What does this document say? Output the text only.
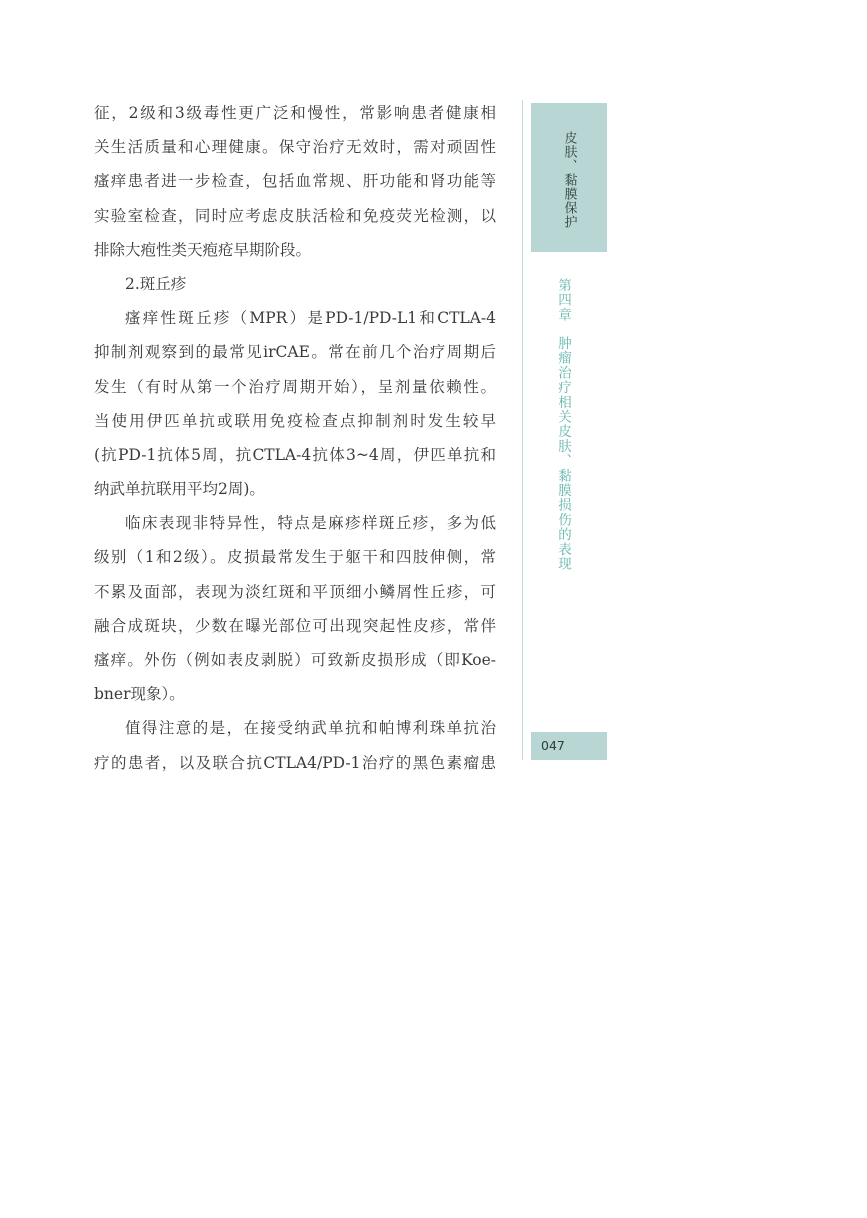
征，2级和3级毒性更广泛和慢性，常影响患者健康相
关生活质量和心理健康。保守治疗无效时，需对顽固性
瘙痒患者进一步检查，包括血常规、肝功能和肾功能等
实验室检查，同时应考虑皮肤活检和免疫荧光检测，以
排除大疱性类天疱疮早期阶段。
2.斑丘疹
瘙痒性斑丘疹（MPR）是PD-1/PD-L1和CTLA-4
抑制剂观察到的最常见irCAE。常在前几个治疗周期后
发生（有时从第一个治疗周期开始），呈剂量依赖性。
当使用伊匹单抗或联用免疫检查点抑制剂时发生较早
(抗PD-1抗体5周，抗CTLA-4抗体3~4周，伊匹单抗和
纳武单抗联用平均2周)。
临床表现非特异性，特点是麻疹样斑丘疹，多为低
级别（1和2级）。皮损最常发生于躯干和四肢伸侧，常
不累及面部，表现为淡红斑和平顶细小鳞屑性丘疹，可
融合成斑块，少数在曝光部位可出现突起性皮疹，常伴
瘙痒。外伤（例如表皮剥脱）可致新皮损形成（即Koe-
bner现象）。
值得注意的是，在接受纳武单抗和帕博利珠单抗治
疗的患者，以及联合抗CTLA4/PD-1治疗的黑色素瘤患
皮肤、黏膜保护
第四章肿瘤治疗相关皮肤、黏膜损伤的表现
047
